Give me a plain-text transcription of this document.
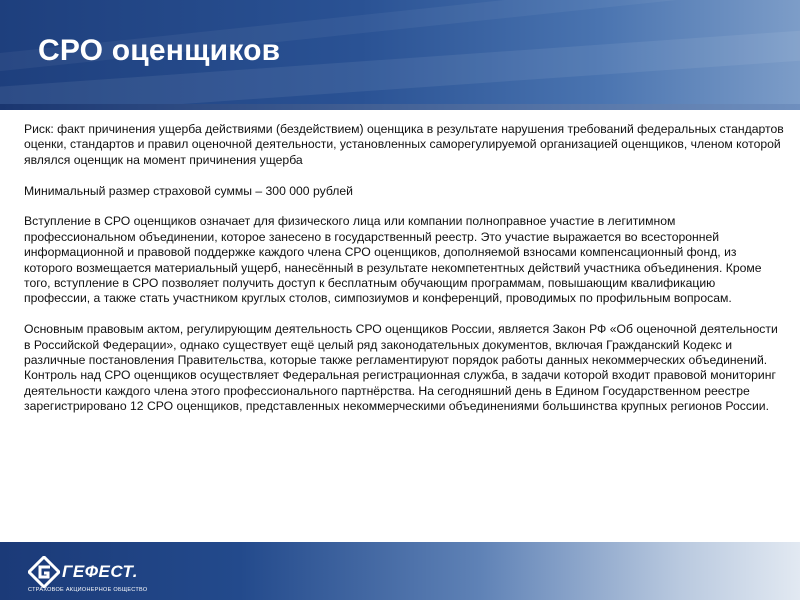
СРО оценщиков

Риск: факт причинения ущерба действиями (бездействием) оценщика в результате нарушения требований федеральных стандартов оценки, стандартов и правил оценочной деятельности, установленных саморегулируемой организацией оценщиков, членом которой являлся оценщик на момент причинения ущерба

Минимальный размер страховой суммы – 300 000 рублей

Вступление в СРО оценщиков означает для физического лица или компании полноправное участие в легитимном профессиональном объединении, которое занесено в государственный реестр. Это участие выражается во всесторонней информационной и правовой поддержке каждого члена СРО оценщиков, дополняемой взносами компенсационный фонд, из которого возмещается материальный ущерб, нанесённый в результате некомпетентных действий участника объединения. Кроме того, вступление в СРО позволяет получить доступ к бесплатным обучающим программам, повышающим квалификацию профессии, а также стать участником круглых столов, симпозиумов и конференций, проводимых по профильным вопросам.

Основным правовым актом, регулирующим деятельность СРО оценщиков России, является Закон РФ «Об оценочной деятельности в Российской Федерации», однако существует ещё целый ряд законодательных документов, включая Гражданский Кодекс и различные постановления Правительства, которые также регламентируют порядок работы данных некоммерческих объединений. Контроль над СРО оценщиков осуществляет Федеральная регистрационная служба, в задачи которой входит правовой мониторинг деятельности каждого члена этого профессионального партнёрства. На сегодняшний день в Едином Государственном реестре зарегистрировано 12 СРО оценщиков, представленных некоммерческими объединениями большинства крупных регионов России.

ГЕФЕСТ.
СТРАХОВОЕ АКЦИОНЕРНОЕ ОБЩЕСТВО
